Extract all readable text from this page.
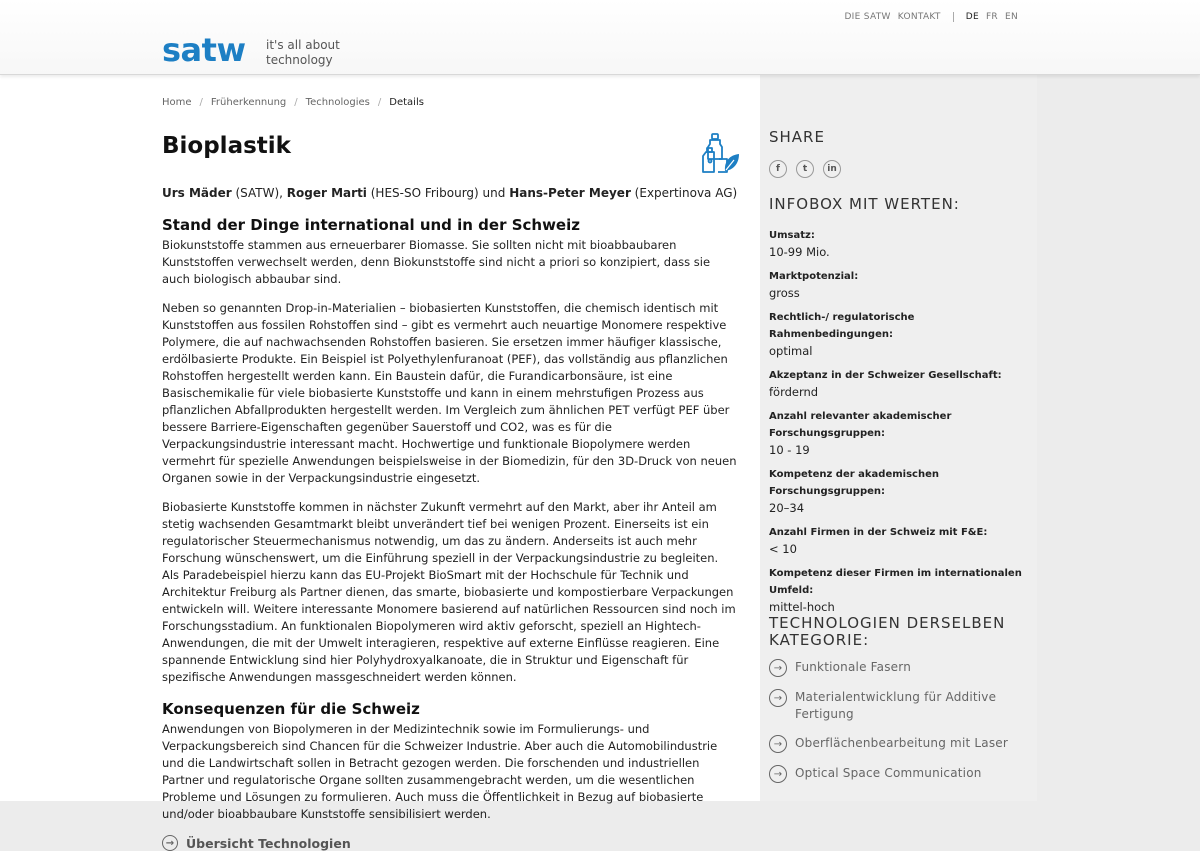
satw it's all about
technology
DIE SATW KONTAKT	DE FR EN
Home / Früherkennung / Technologies / Details
Bioplastik
Urs Mäder (SATW), Roger Marti (HES-SO Fribourg) und Hans-Peter Meyer (Expertinova AG)
Stand der Dinge international und in der Schweiz

Biokunststoffe stammen aus erneuerbarer Biomasse. Sie sollten nicht mit bioabbaubaren Kunststoffen verwechselt werden, denn Biokunststoffe sind nicht a priori so konzipiert, dass sie auch biologisch abbaubar sind.

Neben so genannten Drop-in-Materialien – biobasierten Kunststoffen, die chemisch identisch mit Kunststoffen aus fossilen Rohstoffen sind – gibt es vermehrt auch neuartige Monomere respektive Polymere, die auf nachwachsenden Rohstoffen basieren. Sie ersetzen immer häufiger klassische, erdölbasierte Produkte. Ein Beispiel ist Polyethylenfuranoat (PEF), das vollständig aus pflanzlichen Rohstoffen hergestellt werden kann. Ein Baustein dafür, die Furandicarbonsäure, ist eine Basischemikalie für viele biobasierte Kunststoffe und kann in einem mehrstufigen Prozess aus pflanzlichen Abfallprodukten hergestellt werden. Im Vergleich zum ähnlichen PET verfügt PEF über bessere Barriere-Eigenschaften gegenüber Sauerstoff und CO2, was es für die Verpackungsindustrie interessant macht. Hochwertige und funktionale Biopolymere werden vermehrt für spezielle Anwendungen beispielsweise in der Biomedizin, für den 3D-Druck von neuen Organen sowie in der Verpackungsindustrie eingesetzt.

Biobasierte Kunststoffe kommen in nächster Zukunft vermehrt auf den Markt, aber ihr Anteil am stetig wachsenden Gesamtmarkt bleibt unverändert tief bei wenigen Prozent. Einerseits ist ein regulatorischer Steuermechanismus notwendig, um das zu ändern. Anderseits ist auch mehr Forschung wünschenswert, um die Einführung speziell in der Verpackungsindustrie zu begleiten. Als Paradebeispiel hierzu kann das EU-Projekt BioSmart mit der Hochschule für Technik und Architektur Freiburg als Partner dienen, das smarte, biobasierte und kompostierbare Verpackungen entwickeln will. Weitere interessante Monomere basierend auf natürlichen Ressourcen sind noch im Forschungsstadium. An funktionalen Biopolymeren wird aktiv geforscht, speziell an Hightech-Anwendungen, die mit der Umwelt interagieren, respektive auf externe Einflüsse reagieren. Eine spannende Entwicklung sind hier Polyhydroxyalkanoate, die in Struktur und Eigenschaft für spezifische Anwendungen massgeschneidert werden können.

Konsequenzen für die Schweiz

Anwendungen von Biopolymeren in der Medizintechnik sowie im Formulierungs- und Verpackungsbereich sind Chancen für die Schweizer Industrie. Aber auch die Automobilindustrie und die Landwirtschaft sollen in Betracht gezogen werden. Die forschenden und industriellen Partner und regulatorische Organe sollten zusammengebracht werden, um die wesentlichen Probleme und Lösungen zu formulieren. Auch muss die Öffentlichkeit in Bezug auf biobasierte und/oder bioabbaubare Kunststoffe sensibilisiert werden.

→ Übersicht Technologien
SHARE
f	t	in
INFOBOX MIT WERTEN:
Umsatz:
10-99 Mio.
Marktpotenzial:
gross
Rechtlich-/ regulatorische Rahmenbedingungen:
optimal
Akzeptanz in der Schweizer Gesellschaft:
fördernd
Anzahl relevanter akademischer Forschungsgruppen:
10 - 19
Kompetenz der akademischen Forschungsgruppen:
20–34
Anzahl Firmen in der Schweiz mit F&E:
< 10
Kompetenz dieser Firmen im internationalen Umfeld:
mittel-hoch
TECHNOLOGIEN DERSELBEN
KATEGORIE:
→	Funktionale Fasern
→	Materialentwicklung für Additive Fertigung
→	Oberflächenbearbeitung mit Laser
→	Optical Space Communication
